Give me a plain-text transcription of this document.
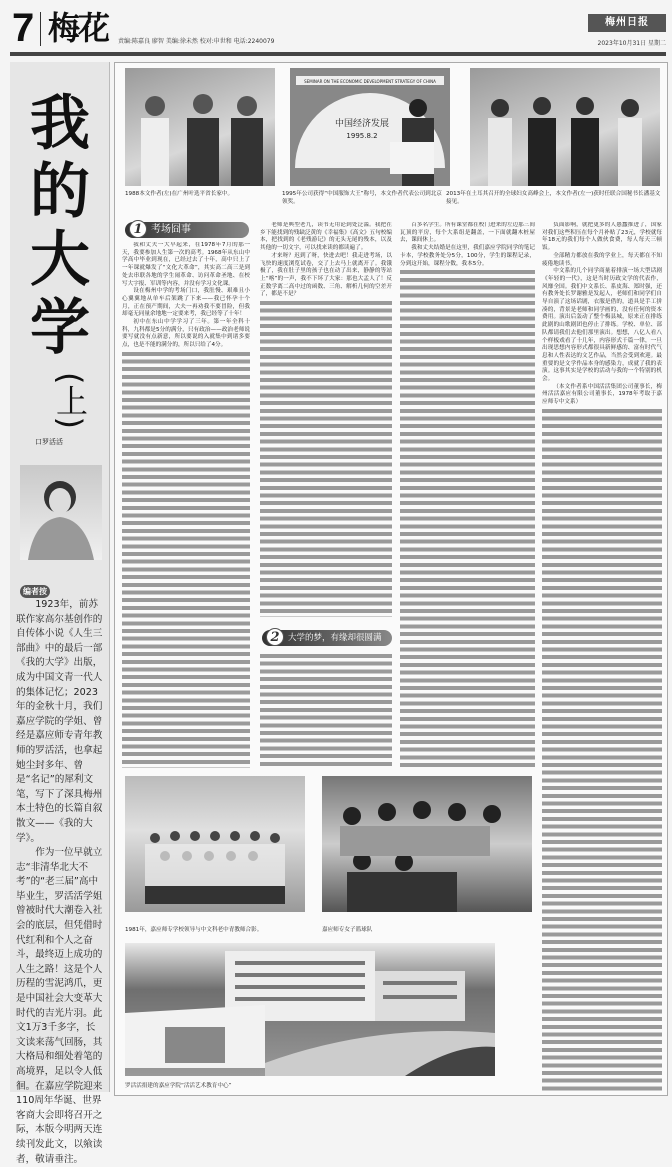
7 梅花 责编:陈嘉良 廖智 美编:徐未然 校对:申世和 电话:2240079
梅州日报
2023年10月31日 星期二
我
的
大
学
(上)
口罗活活
编者按

1923年，前苏联作家高尔基创作的自传体小说《人生三部曲》中的最后一部《我的大学》出版，成为中国文青一代人的集体记忆；2023年的金秋十月，我们嘉应学院的学姐、曾经是嘉应师专青年教师的罗活活，也拿起她尘封多年、曾是“名记”的犀利文笔，写下了深具梅州本土特色的长篇自叙散文——《我的大学》。

作为一位早就立志“非清华北大不考”的“老三届”高中毕业生，罗活活学姐曾被时代大潮卷入社会的底层，但凭借时代红利和个人之奋斗，最终迈上成功的人生之路！这是个人历程的雪泥鸿爪，更是中国社会大变革大时代的吉光片羽。此文1万3千多字，长文读来荡气回肠，其大格局和细处着笔的高境界，足以令人低徊。在嘉应学院迎来110周年华诞、世界客商大会即将召开之际，本版今明两天连续刊发此文，以飨读者，敬请垂注。

1988本文作者(左)在广州叶选平省长家中。
SEMINAR ON THE ECONOMIC DEVELOPMENT STRATEGY OF CHINA
中国经济发展
1995.8.2
1995年公司获得“中国服饰大王”称号，本文作者代表公司到北京领奖。
2013年在土耳其召开的全球妇女高峰会上，本文作者(左一)获时任联合国秘书长潘基文接见。
1 考场囧事

我和丈夫一大早起来，在1978年7月的那一天，我要参加人生第一次的高考。1968年从东山中学高中毕业到现在，已经过去了十年，高中只上了一年课就爆发了“文化大革命”，其实高二高三是到处去串联各地的学生闹革命、访问革命圣地、在校写大字报、军训等内容，并没有学习文化课。

设在梅州中学的考场门口，我肚慢、艰难且小心翼翼地从单车后架跳了下来——我已怀孕十个月，正在预产期间，大夫一再劝我不要冒险，但我却毫无同量余地地一定要来考，我已经等了十年！

初中在东山中学学习了三年。第一年全科十科，九科都是5分的满分，只有政治——政治老师说要写就没有点新意，所以要说的入就集中到诸多要点，也是不能的满分的，所以只给了4分。

老师是典型老九，读书无用论到处泛滥。我把在乡下能找到的残缺泛黄的《幸福集》《高文》五句校编本，把找到的《老残游记》的无头无尾的残本，以及其他的一切文字，可以找来读的都读遍了。

才来呀？迟到了呀，快进去吧！我走进考场，以飞快的速度浏览试卷，交了上去马上就离开了。我饿极了，我在肚子里的孩子也在动了出来，静静的等站上“喀”的一声，我不下坏了大家：那也大孟人了！反正数学离二高中过的函数、三角、解析几何的空差开了，都是不是？

2 大学的梦，有缘却很圆满

百多名学生。所有课堂都在校门进来的左边那三间瓦顶的平房，每个大系组是翻盖，一下面就翻木桩屋去，课间休上。

我和丈夫结婚是在这里，我们嘉应学院同学的笔记卡本，学校教务处分5分，100分，学生的课程记录，分到这开始，课程分数，我本5分。

负面影响，就把更多的人愚蠢推进了，国家对我们这些积压在每个月补贴了23元，学校就每年18元的我们每个人做伙食费，每人每天三顿饭。

全部精力都放在我的学业上，每天都在不知疲倦地读书。

中文系的几个同学商量着排演一场大型话剧《年轻的一代》，这是当时历政文学的代表作，风靡全国。我们中文系长、系皮海、郑时强，还有教务处长罗谢雅是发起人，老师们和同学们自导自演了这场话剧，衣服是借的，道具是手工拼凑的，背景是老师和同学画的，没有任何的资本费用。演出后轰动了整个梅县城，原来正在排练此剧的山歌剧团也停止了排练。学校、单位、部队都请我们去他们那里演出。想想，八亿人看八个样板戏看了十几年，内容形式千篇一律，一旦出现思想内容形式都很具新鲜感的、富有时代气息和人性表达的文艺作品，当然会受到欢迎。最重要的是文学作品本身的感染力，成就了我的表演。这事其实是学校的活动与我的一个特别的机会。

（本文作者系中国活活集团公司董事长，梅州活活嘉应有限公司董事长，1978年考取于嘉应师专中文系）

1981年，嘉应师专学校领导与中文科老中青教师合影。	嘉应师专女子篮球队
罗活活捐建的嘉应学院“活活艺术教育中心”
